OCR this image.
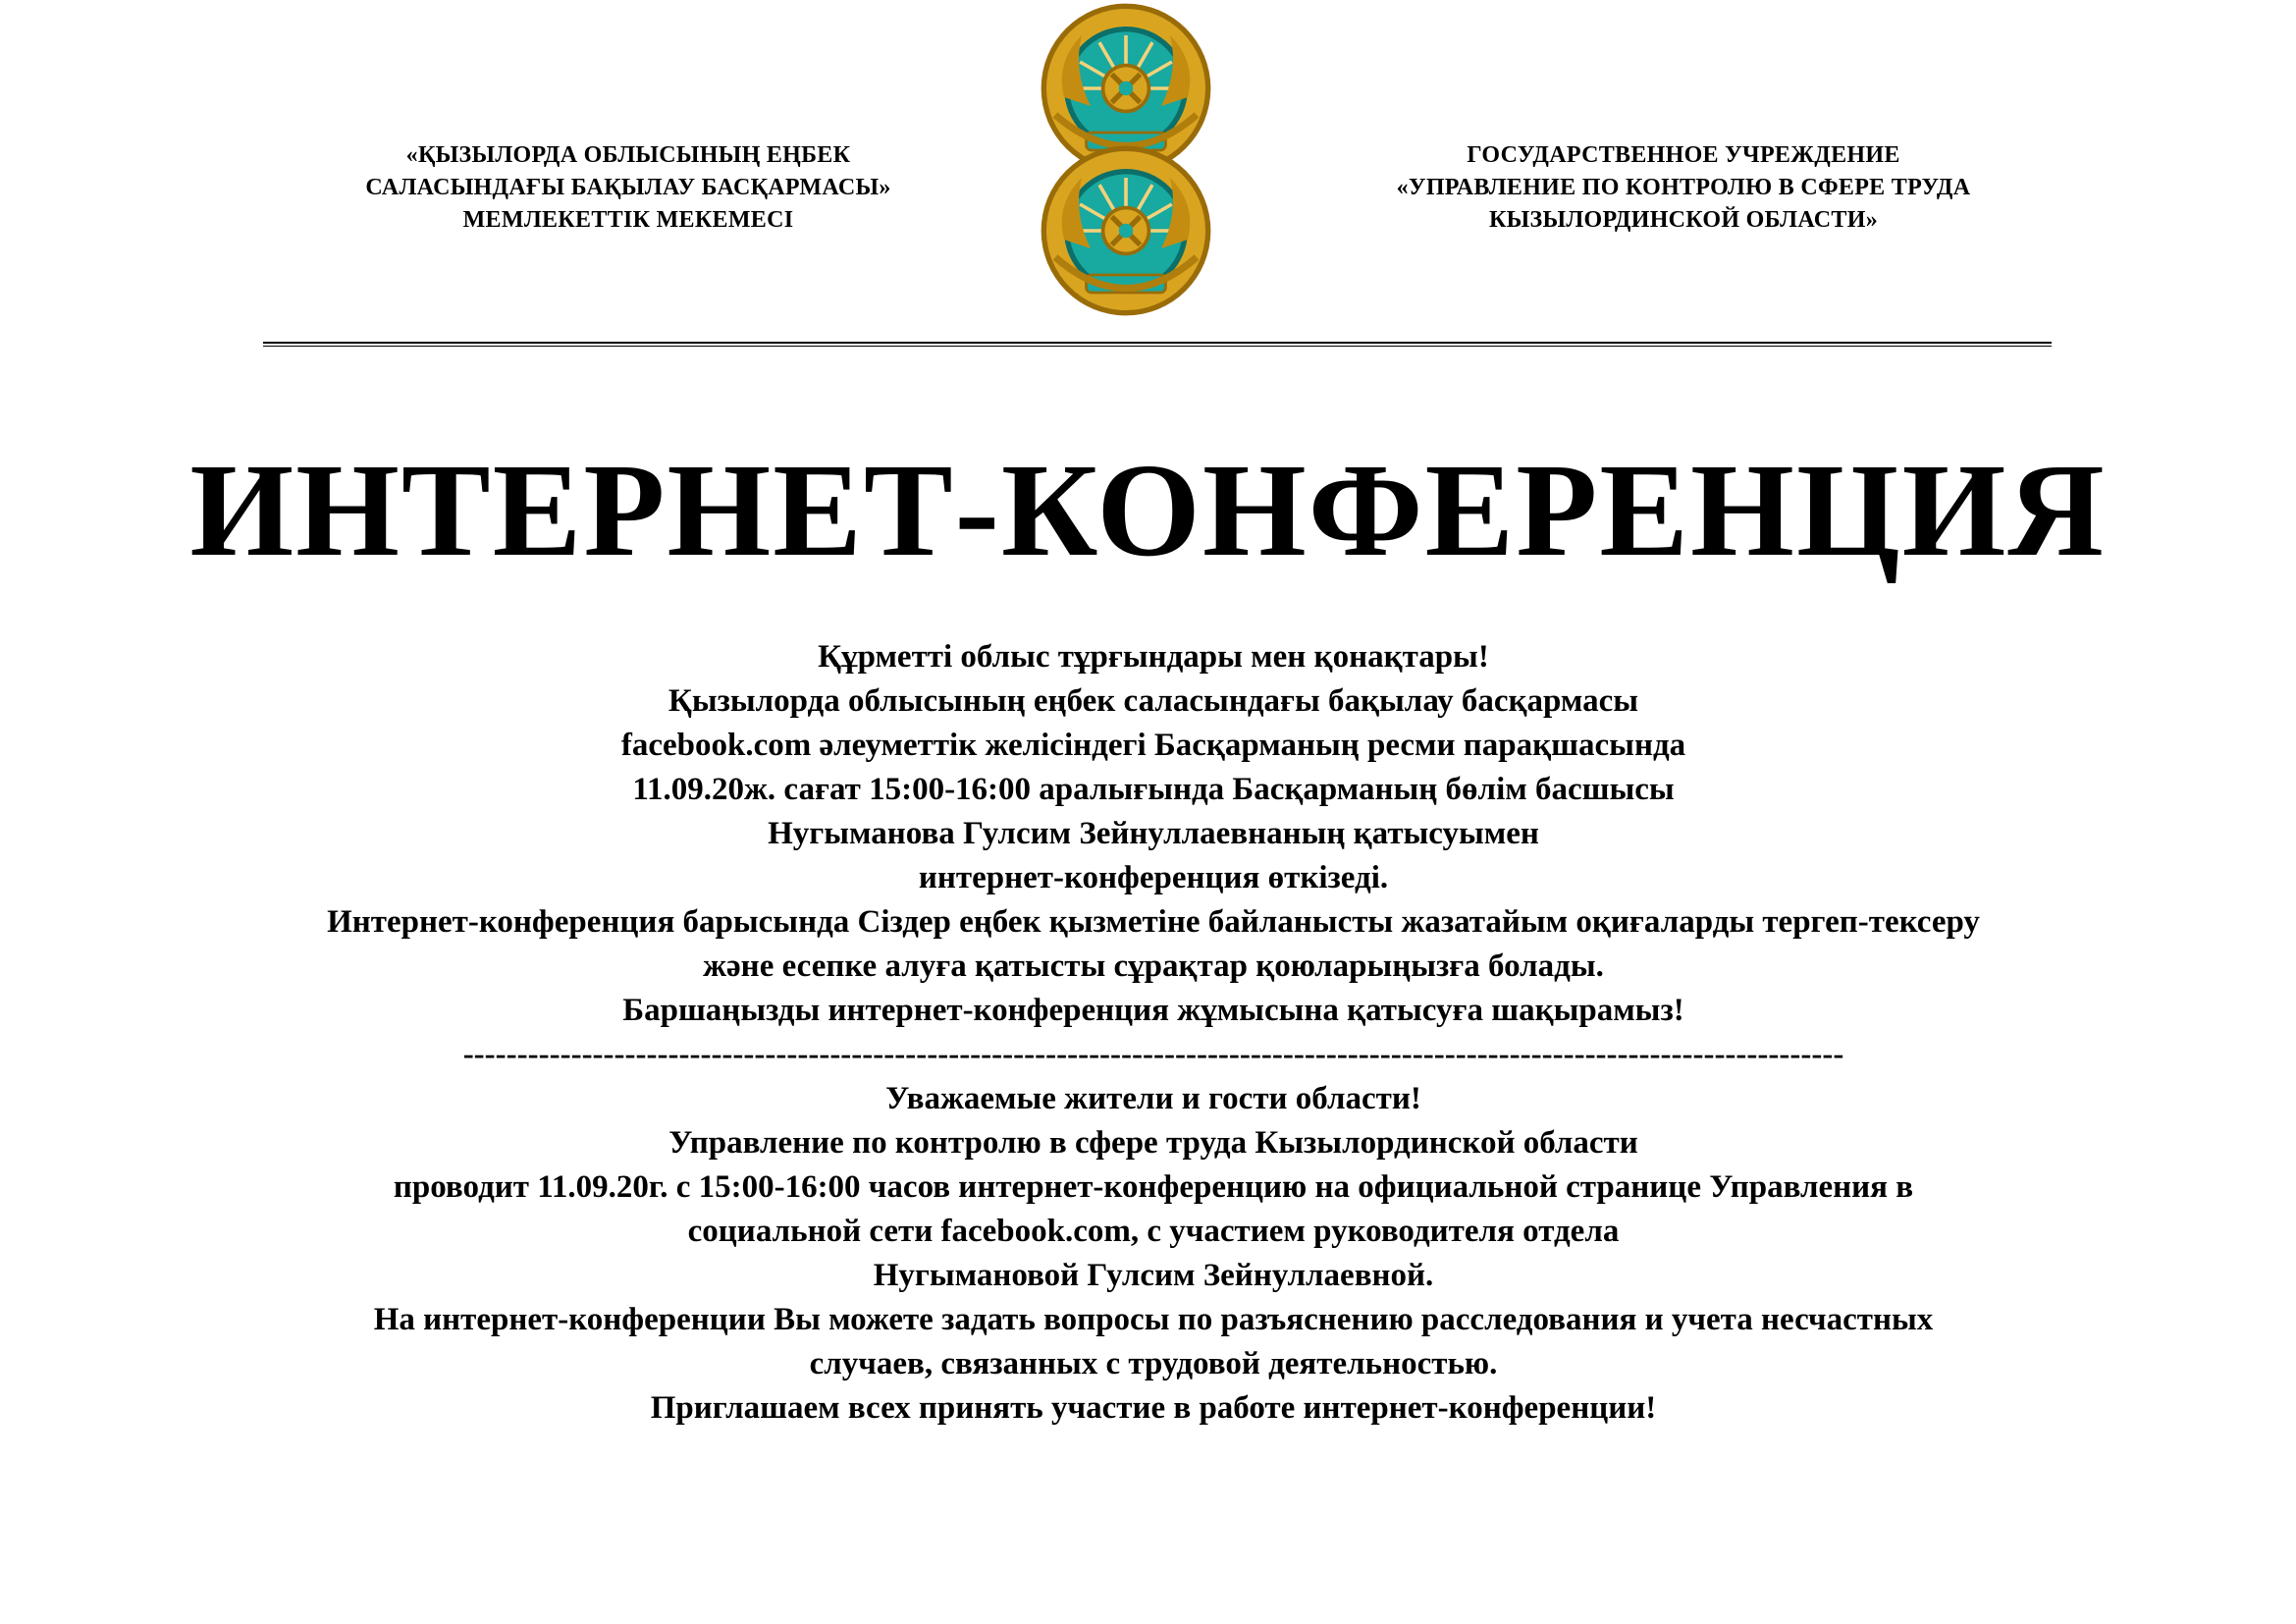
«ҚЫЗЫЛОРДА ОБЛЫСЫНЫҢ ЕҢБЕК
САЛАСЫНДАҒЫ БАҚЫЛАУ БАСҚАРМАСЫ»
МЕМЛЕКЕТТІК МЕКЕМЕСІ
ГОСУДАРСТВЕННОЕ УЧРЕЖДЕНИЕ
«УПРАВЛЕНИЕ ПО КОНТРОЛЮ В СФЕРЕ ТРУДА
КЫЗЫЛОРДИНСКОЙ ОБЛАСТИ»
ИНТЕРНЕТ-КОНФЕРЕНЦИЯ
Құрметті облыс тұрғындары мен қонақтары!
Қызылорда облысының еңбек саласындағы бақылау басқармасы
facebook.com әлеуметтік желісіндегі Басқарманың ресми парақшасында
11.09.20ж. сағат 15:00-16:00 аралығында Басқарманың бөлім басшысы
Нугыманова Гулсим Зейнуллаевнаның қатысуымен
интернет-конференция өткізеді.
Интернет-конференция барысында Сіздер еңбек қызметіне байланысты жазатайым оқиғаларды тергеп-тексеру
және есепке алуға қатысты сұрақтар қоюларыңызға болады.
Баршаңызды интернет-конференция жұмысына қатысуға шақырамыз!
--------------------------------------------------------------------------------------------------------------------------------
Уважаемые жители и гости области!
Управление по контролю в сфере труда Кызылординской области
проводит 11.09.20г. с 15:00-16:00 часов интернет-конференцию на официальной странице Управления в
социальной сети facebook.com, с участием руководителя отдела
Нугымановой Гулсим Зейнуллаевной.
На интернет-конференции Вы можете задать вопросы по разъяснению расследования и учета несчастных
случаев, связанных с трудовой деятельностью.
Приглашаем всех принять участие в работе интернет-конференции!
